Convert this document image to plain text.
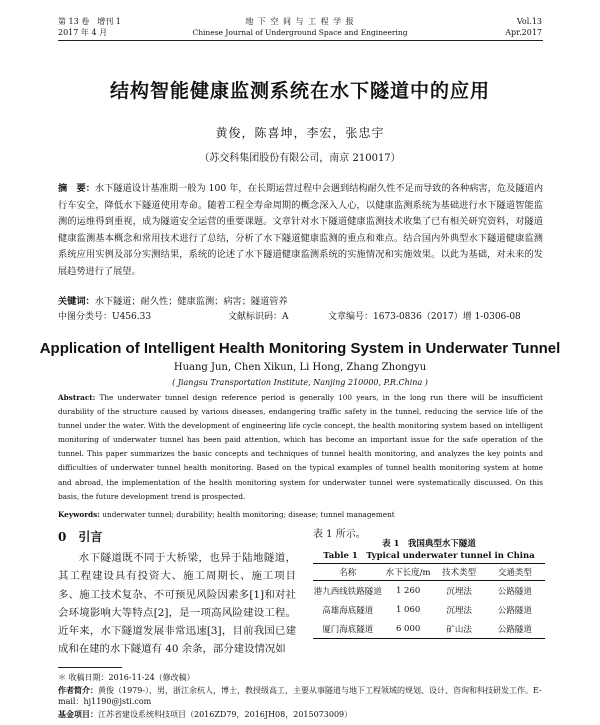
第 13 卷　增刊 1
2017 年 4 月
地 下 空 间 与 工 程 学 报
Chinese Journal of Underground Space and Engineering
Vol.13
Apr.2017
结构智能健康监测系统在水下隧道中的应用
黄俊，陈喜坤，李宏，张忠宇
（苏交科集团股份有限公司，南京 210017）
摘　要：水下隧道设计基准期一般为 100 年，在长期运营过程中会遇到结构耐久性不足而导致的各种病害，危及隧道内行车安全，降低水下隧道使用寿命。随着工程全寿命周期的概念深入人心，以健康监测系统为基础进行水下隧道智能监测的运维得到重视，成为隧道安全运营的重要课题。文章针对水下隧道健康监测技术收集了已有相关研究资料，对隧道健康监测基本概念和常用技术进行了总结，分析了水下隧道健康监测的重点和难点。结合国内外典型水下隧道健康监测系统应用实例及部分实测结果，系统的论述了水下隧道健康监测系统的实施情况和实施效果。以此为基础，对未来的发展趋势进行了展望。
关键词：水下隧道；耐久性；健康监测；病害；隧道管养
中图分类号：U456.33	文献标识码：A	文章编号：1673-0836（2017）增 1-0306-08
Application of Intelligent Health Monitoring System in Underwater Tunnel
Huang Jun, Chen Xikun, Li Hong, Zhang Zhongyu
( Jiangsu Transportation Institute, Nanjing 210000, P.R.China )
Abstract: The underwater tunnel design reference period is generally 100 years, in the long run there will be insufficient durability of the structure caused by various diseases, endangering traffic safety in the tunnel, reducing the service life of the tunnel under the water. With the development of engineering life cycle concept, the health monitoring system based on intelligent monitoring of underwater tunnel has been paid attention, which has become an important issue for the safe operation of the tunnel. This paper summarizes the basic concepts and techniques of tunnel health monitoring, and analyzes the key points and difficulties of underwater tunnel health monitoring. Based on the typical examples of tunnel health monitoring system at home and abroad, the implementation of the health monitoring system for underwater tunnel were systematically discussed. On this basis, the future development trend is prospected.
Keywords: underwater tunnel; durability; health monitoring; disease; tunnel management
0　引言
水下隧道既不同于大桥梁，也异于陆地隧道，其工程建设具有投资大、施工周期长、施工项目多、施工技术复杂、不可预见风险因素多[1]和对社会环境影响大等特点[2]，是一项高风险建设工程。近年来，水下隧道发展非常迅速[3]，目前我国已建成和在建的水下隧道有 40 余条，部分建设情况如
表 1 所示。
表 1　我国典型水下隧道
Table 1　Typical underwater tunnel in China
名称	水下长度/m	技术类型	交通类型
港九西线铁路隧道	1 260	沉埋法	公路隧道
高雄海底隧道	1 060	沉埋法	公路隧道
厦门海底隧道	6 000	矿山法	公路隧道
＊ 收稿日期：2016-11-24（修改稿）
作者简介：黄俊（1979-），男，浙江余杭人，博士，教授级高工，主要从事隧道与地下工程领域的规划、设计、咨询和科技研发工作。E-mail：hj1190@jsti.com
基金项目：江苏省建设系统科技项目（2016ZD79，2016JH08，2015073009）
